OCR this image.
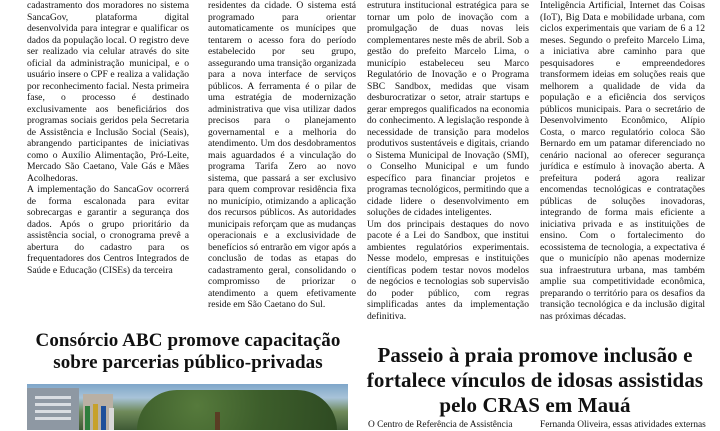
cadastramento dos moradores no sistema SancaGov, plataforma digital desenvolvida para integrar e qualificar os dados da população local. O registro deve ser realizado via celular através do site oficial da administração municipal, e o usuário insere o CPF e realiza a validação por reconhecimento facial. Nesta primeira fase, o processo é destinado exclusivamente aos beneficiários dos programas sociais geridos pela Secretaria de Assistência e Inclusão Social (Seais), abrangendo participantes de iniciativas como o Auxílio Alimentação, Pró-Leite, Mercado São Caetano, Vale Gás e Mães Acolhedoras.

A implementação do SancaGov ocorrerá de forma escalonada para evitar sobrecargas e garantir a segurança dos dados. Após o grupo prioritário da assistência social, o cronograma prevê a abertura do cadastro para os frequentadores dos Centros Integrados de Saúde e Educação (CISEs) da terceira

residentes da cidade. O sistema está programado para orientar automaticamente os munícipes que tentarem o acesso fora do período estabelecido por seu grupo, assegurando uma transição organizada para a nova interface de serviços públicos. A ferramenta é o pilar de uma estratégia de modernização administrativa que visa utilizar dados precisos para o planejamento governamental e a melhoria do atendimento. Um dos desdobramentos mais aguardados é a vinculação do programa Tarifa Zero ao novo sistema, que passará a ser exclusivo para quem comprovar residência fixa no município, otimizando a aplicação dos recursos públicos. As autoridades municipais reforçam que as mudanças operacionais e a exclusividade de benefícios só entrarão em vigor após a conclusão de todas as etapas do cadastramento geral, consolidando o compromisso de priorizar o atendimento a quem efetivamente reside em São Caetano do Sul.

estrutura institucional estratégica para se tornar um polo de inovação com a promulgação de duas novas leis complementares neste mês de abril. Sob a gestão do prefeito Marcelo Lima, o município estabeleceu seu Marco Regulatório de Inovação e o Programa SBC Sandbox, medidas que visam desburocratizar o setor, atrair startups e gerar empregos qualificados na economia do conhecimento. A legislação responde à necessidade de transição para modelos produtivos sustentáveis e digitais, criando o Sistema Municipal de Inovação (SMI), o Conselho Municipal e um fundo específico para financiar projetos e programas tecnológicos, permitindo que a cidade lidere o desenvolvimento em soluções de cidades inteligentes.

Um dos principais destaques do novo pacote é a Lei do Sandbox, que institui ambientes regulatórios experimentais. Nesse modelo, empresas e instituições científicas podem testar novos modelos de negócios e tecnologias sob supervisão do poder público, com regras simplificadas antes da implementação definitiva.

Inteligência Artificial, Internet das Coisas (IoT), Big Data e mobilidade urbana, com ciclos experimentais que variam de 6 a 12 meses. Segundo o prefeito Marcelo Lima, a iniciativa abre caminho para que pesquisadores e empreendedores transformem ideias em soluções reais que melhorem a qualidade de vida da população e a eficiência dos serviços públicos municipais. Para o secretário de Desenvolvimento Econômico, Alípio Costa, o marco regulatório coloca São Bernardo em um patamar diferenciado no cenário nacional ao oferecer segurança jurídica e estímulo à inovação aberta. A prefeitura poderá agora realizar encomendas tecnológicas e contratações públicas de soluções inovadoras, integrando de forma mais eficiente a iniciativa privada e as instituições de ensino. Com o fortalecimento do ecossistema de tecnologia, a expectativa é que o município não apenas modernize sua infraestrutura urbana, mas também amplie sua competitividade econômica, preparando o território para os desafios da transição tecnológica e da inclusão digital nas próximas décadas.

Consórcio ABC promove capacitação sobre parcerias público-privadas	Passeio à praia promove inclusão e fortalece vínculos de idosas assistidas pelo CRAS em Mauá
O Centro de Referência de Assistência	Fernanda Oliveira, essas atividades externas
